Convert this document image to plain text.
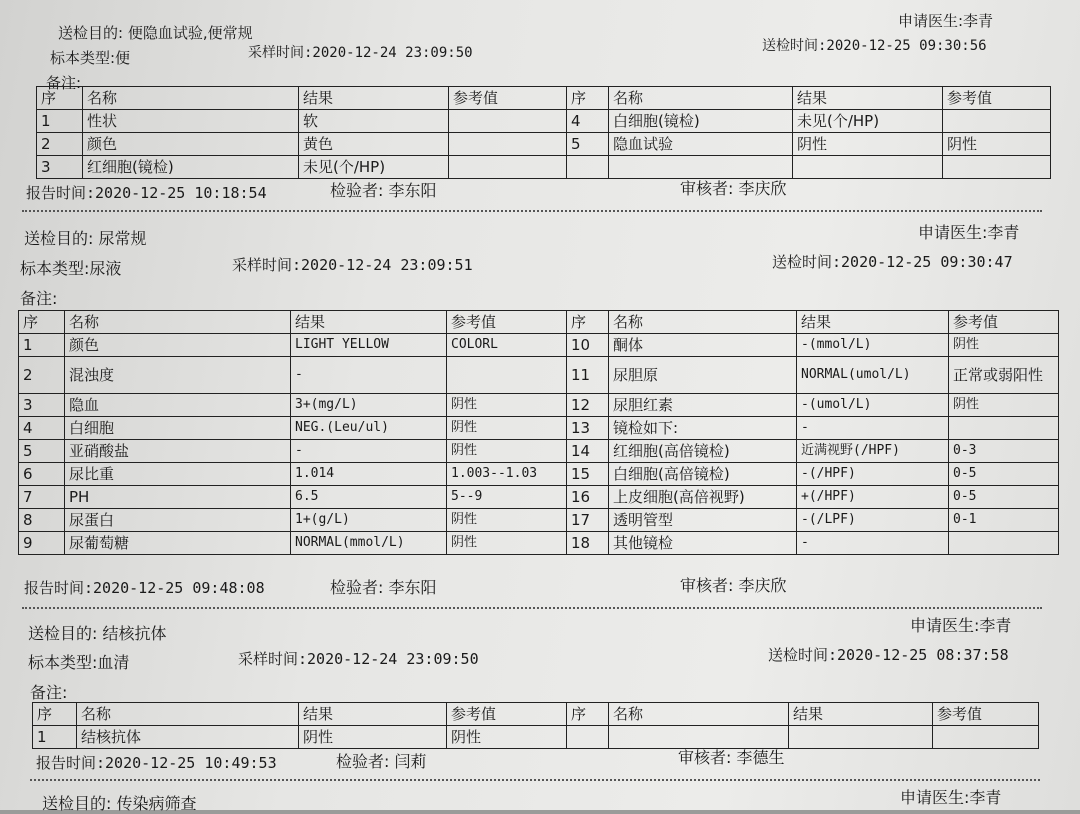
送检目的: 便隐血试验,便常规
申请医生:李青
标本类型:便	采样时间:2020-12-24 23:09:50	送检时间:2020-12-25 09:30:56
备注:
序	名称	结果	参考值	序	名称	结果	参考值
1	性状	软		4	白细胞(镜检)	未见(个/HP)	
2	颜色	黄色		5	隐血试验	阴性	阴性
3	红细胞(镜检)	未见(个/HP)					
报告时间:2020-12-25 10:18:54	检验者: 李东阳	审核者: 李庆欣
送检目的: 尿常规	申请医生:李青
标本类型:尿液	采样时间:2020-12-24 23:09:51	送检时间:2020-12-25 09:30:47
备注:
序	名称	结果	参考值	序	名称	结果	参考值
1	颜色	LIGHT YELLOW	COLORL	10	酮体	-(mmol/L)	阴性
2	混浊度	-		11	尿胆原	NORMAL(umol/L)	正常或弱阳性
3	隐血	3+(mg/L)	阴性	12	尿胆红素	-(umol/L)	阴性
4	白细胞	NEG.(Leu/ul)	阴性	13	镜检如下:	-	
5	亚硝酸盐	-	阴性	14	红细胞(高倍镜检)	近满视野(/HPF)	0-3
6	尿比重	1.014	1.003--1.03	15	白细胞(高倍镜检)	-(/HPF)	0-5
7	PH	6.5	5--9	16	上皮细胞(高倍视野)	+(/HPF)	0-5
8	尿蛋白	1+(g/L)	阴性	17	透明管型	-(/LPF)	0-1
9	尿葡萄糖	NORMAL(mmol/L)	阴性	18	其他镜检	-	
报告时间:2020-12-25 09:48:08	检验者: 李东阳	审核者: 李庆欣
送检目的: 结核抗体	申请医生:李青
标本类型:血清	采样时间:2020-12-24 23:09:50	送检时间:2020-12-25 08:37:58
备注:
序	名称	结果	参考值	序	名称	结果	参考值
1	结核抗体	阴性	阴性				
报告时间:2020-12-25 10:49:53	检验者: 闫莉	审核者: 李德生
送检目的: 传染病筛查	申请医生:李青
